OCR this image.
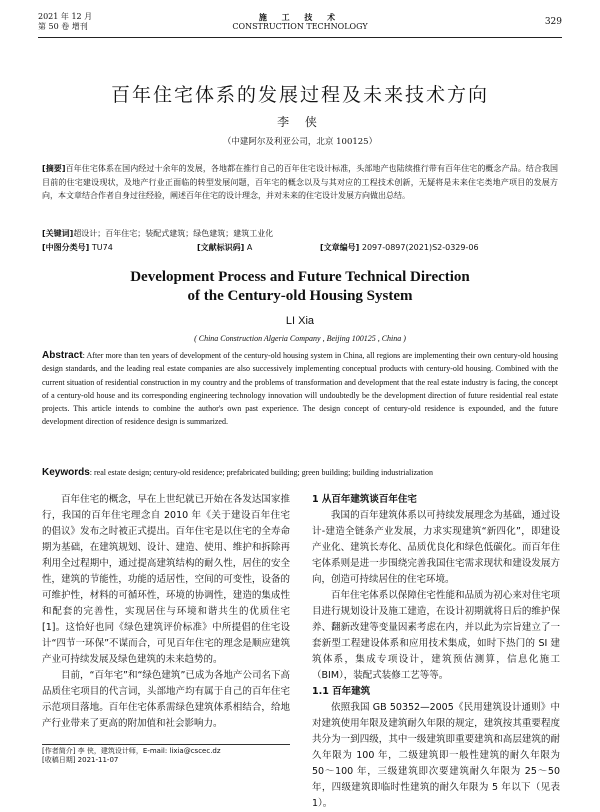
2021 年 12 月
第 50 卷 增刊
施 工 技 术
CONSTRUCTION TECHNOLOGY	329
百年住宅体系的发展过程及未来技术方向
李 侠
（中建阿尔及利亚公司，北京 100125）
[摘要]百年住宅体系在国内经过十余年的发展，各地都在推行自己的百年住宅设计标准，头部地产也陆续推行带有百年住宅的概念产品。结合我国目前的住宅建设现状，及地产行业正面临的转型发展问题，百年宅的概念以及与其对应的工程技术创新，无疑将是未来住宅类地产项目的发展方向，本文章结合作者自身过往经验，阐述百年住宅的设计理念，并对未来的住宅设计发展方向做出总结。
[关键词]超设计；百年住宅；装配式建筑；绿色建筑；建筑工业化
[中图分类号] TU74	[文献标识码] A	[文章编号] 2097-0897(2021)S2-0329-06
Development Process and Future Technical Direction
of the Century-old Housing System
LI Xia
( China Construction Algeria Company , Beijing 100125 , China )
Abstract: After more than ten years of development of the century-old housing system in China, all regions are implementing their own century-old housing design standards, and the leading real estate companies are also successively implementing conceptual products with century-old housing. Combined with the current situation of residential construction in my country and the problems of transformation and development that the real estate industry is facing, the concept of a century-old house and its corresponding engineering technology innovation will undoubtedly be the development direction of future residential real estate projects. This article intends to combine the author's own past experience. The design concept of century-old residence is expounded, and the future development direction of residence design is summarized.
Keywords: real estate design; century-old residence; prefabricated building; green building; building industrialization

百年住宅的概念，早在上世纪就已开始在各发达国家推行，我国的百年住宅理念自 2010 年《关于建设百年住宅的倡议》发布之时被正式提出。百年住宅是以住宅的全寿命期为基础，在建筑规划、设计、建造、使用、维护和拆除再利用全过程期中，通过提高建筑结构的耐久性，居住的安全性，建筑的节能性，功能的适居性，空间的可变性，设备的可维护性，材料的可循环性，环境的协调性，建造的集成性和配套的完善性，实现居住与环境和谐共生的优质住宅[1]。这恰好也同《绿色建筑评价标准》中所提倡的住宅设计“四节一环保”不谋而合，可见百年住宅的理念是顺应建筑产业可持续发展及绿色建筑的未来趋势的。

目前，“百年宅”和“绿色建筑”已成为各地产公司名下高品质住宅项目的代言词，头部地产均有属于自己的百年住宅示范项目落地。百年住宅体系需绿色建筑体系相结合，给地产行业带来了更高的附加值和社会影响力。

1 从百年建筑谈百年住宅

我国的百年建筑体系以可持续发展理念为基础，通过设计-建造全链条产业发展，力求实现建筑“新四化”，即建设产业化、建筑长寿化、品质优良化和绿色低碳化。而百年住宅体系则是进一步围绕完善我国住宅需求现状和建设发展方向，创造可持续居住的住宅环境。

百年住宅体系以保障住宅性能和品质为初心来对住宅项目进行规划设计及施工建造，在设计初期就将日后的维护保养、翻新改建等变量因素考虑在内，并以此为宗旨建立了一套新型工程建设体系和应用技术集成，如时下热门的 SI 建筑体系，集成专项设计，建筑预估测算，信息化施工（BIM），装配式装修工艺等等。

1.1 百年建筑

依照我国 GB 50352—2005《民用建筑设计通则》中对建筑使用年限及建筑耐久年限的规定，建筑按其重要程度共分为一到四级，其中一级建筑即重要建筑和高层建筑的耐久年限为 100 年，二级建筑即一般性建筑的耐久年限为 50～100 年，三级建筑即次要建筑耐久年限为 25～50 年，四级建筑即临时性建筑的耐久年限为 5 年以下（见表 1）。

[作者简介] 李 侠，建筑设计师，E-mail: lixia@cscec.dz
[收稿日期] 2021-11-07
